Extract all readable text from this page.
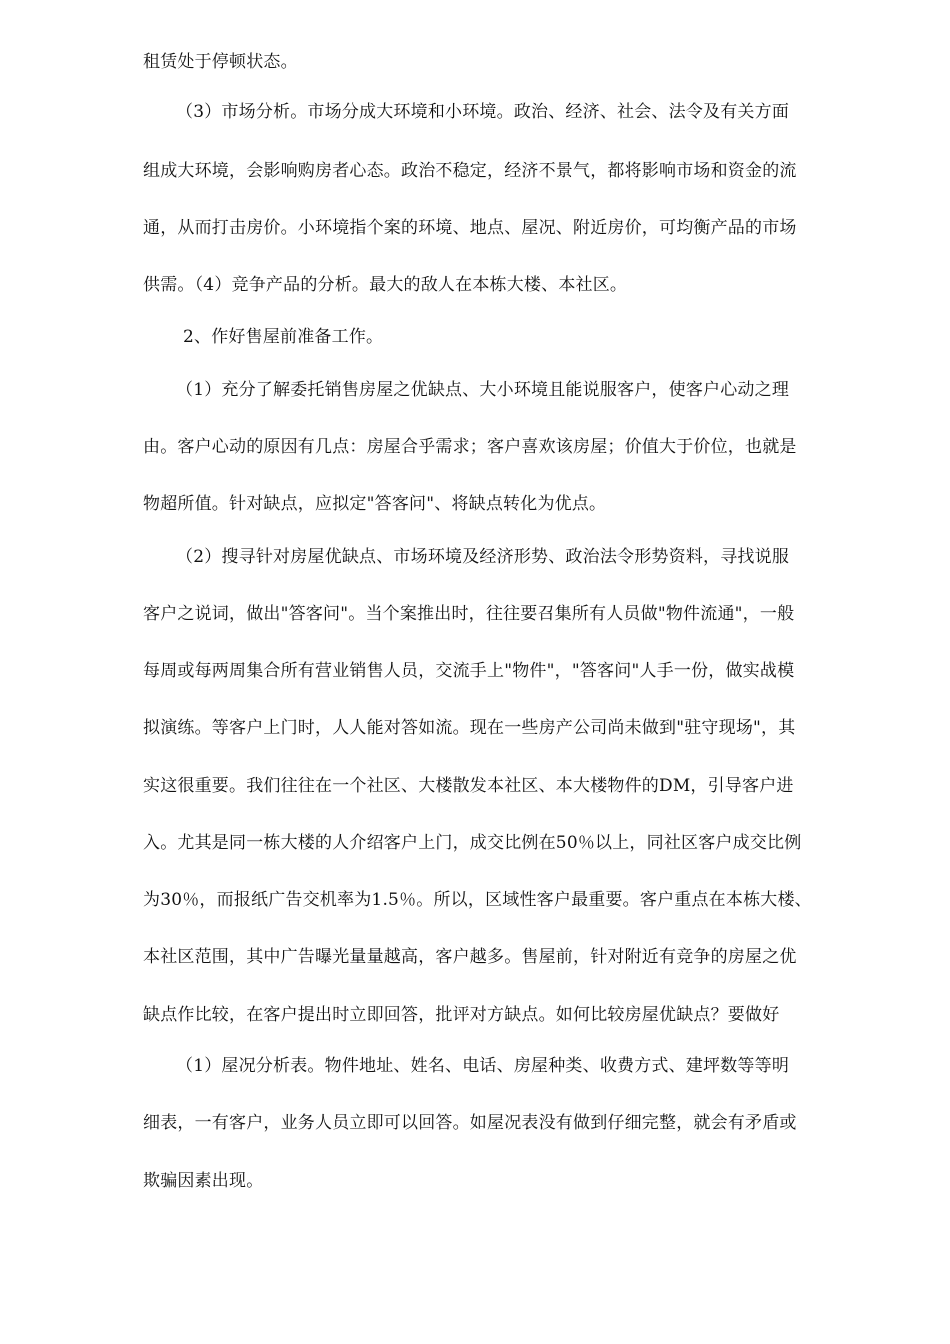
租赁处于停顿状态。
（3）市场分析。市场分成大环境和小环境。政治、经济、社会、法令及有关方面
组成大环境，会影响购房者心态。政治不稳定，经济不景气，都将影响市场和资金的流
通，从而打击房价。小环境指个案的环境、地点、屋况、附近房价，可均衡产品的市场
供需。（4）竞争产品的分析。最大的敌人在本栋大楼、本社区。
2、作好售屋前准备工作。
（1）充分了解委托销售房屋之优缺点、大小环境且能说服客户，使客户心动之理
由。客户心动的原因有几点：房屋合乎需求；客户喜欢该房屋；价值大于价位，也就是
物超所值。针对缺点，应拟定"答客问"、将缺点转化为优点。
（2）搜寻针对房屋优缺点、市场环境及经济形势、政治法令形势资料，寻找说服
客户之说词，做出"答客问"。当个案推出时，往往要召集所有人员做"物件流通"，一般
每周或每两周集合所有营业销售人员，交流手上"物件"，"答客问"人手一份，做实战模
拟演练。等客户上门时，人人能对答如流。现在一些房产公司尚未做到"驻守现场"，其
实这很重要。我们往往在一个社区、大楼散发本社区、本大楼物件的DM，引导客户进
入。尤其是同一栋大楼的人介绍客户上门，成交比例在50％以上，同社区客户成交比例
为30％，而报纸广告交机率为1.5％。所以，区域性客户最重要。客户重点在本栋大楼、
本社区范围，其中广告曝光量量越高，客户越多。售屋前，针对附近有竞争的房屋之优
缺点作比较，在客户提出时立即回答，批评对方缺点。如何比较房屋优缺点？要做好
（1）屋况分析表。物件地址、姓名、电话、房屋种类、收费方式、建坪数等等明
细表，一有客户，业务人员立即可以回答。如屋况表没有做到仔细完整，就会有矛盾或
欺骗因素出现。
